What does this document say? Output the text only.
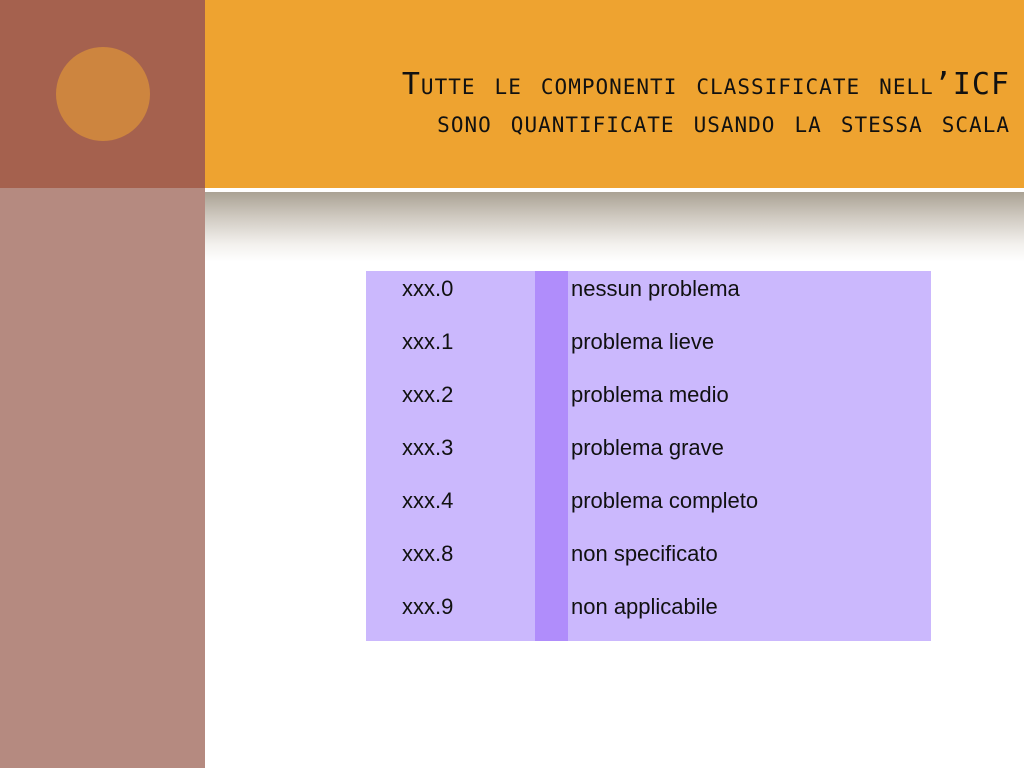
Tutte le componenti classificate nell’ICF
sono quantificate usando la stessa scala
xxx.0	nessun problema
xxx.1	problema lieve
xxx.2	problema medio
xxx.3	problema grave
xxx.4	problema completo
xxx.8	non specificato
xxx.9	non applicabile
